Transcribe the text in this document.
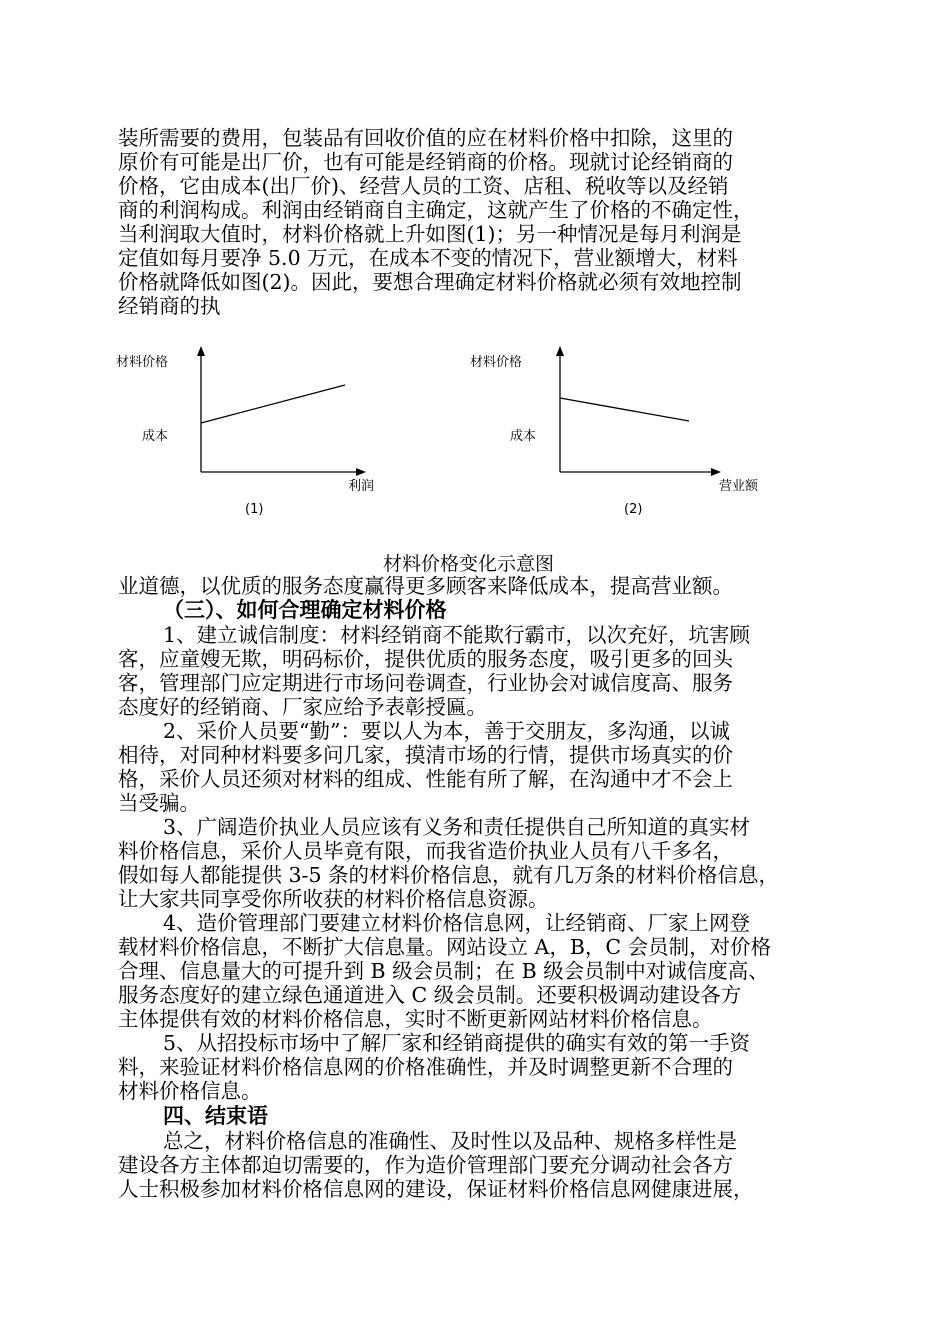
装所需要的费用，包装品有回收价值的应在材料价格中扣除，这里的
原价有可能是出厂价，也有可能是经销商的价格。现就讨论经销商的
价格，它由成本(出厂价)、经营人员的工资、店租、税收等以及经销
商的利润构成。利润由经销商自主确定，这就产生了价格的不确定性，
当利润取大值时，材料价格就上升如图(1)；另一种情况是每月利润是
定值如每月要净 5.0 万元，在成本不变的情况下，营业额增大，材料
价格就降低如图(2)。因此，要想合理确定材料价格就必须有效地控制
经销商的执
材料价格
成本
利润
(1)
材料价格
成本
营业额
(2)
材料价格变化示意图
业道德，以优质的服务态度赢得更多顾客来降低成本，提高营业额。
（三）、如何合理确定材料价格
1、建立诚信制度：材料经销商不能欺行霸市，以次充好，坑害顾
客，应童嫂无欺，明码标价，提供优质的服务态度，吸引更多的回头
客，管理部门应定期进行市场问卷调查，行业协会对诚信度高、服务
态度好的经销商、厂家应给予表彰授匾。
2、采价人员要“勤”：要以人为本，善于交朋友，多沟通，以诚
相待，对同种材料要多问几家，摸清市场的行情，提供市场真实的价
格，采价人员还须对材料的组成、性能有所了解，在沟通中才不会上
当受骗。
3、广阔造价执业人员应该有义务和责任提供自己所知道的真实材
料价格信息，采价人员毕竟有限，而我省造价执业人员有八千多名，
假如每人都能提供 3-5 条的材料价格信息，就有几万条的材料价格信息，
让大家共同享受你所收获的材料价格信息资源。
4、造价管理部门要建立材料价格信息网，让经销商、厂家上网登
载材料价格信息，不断扩大信息量。网站设立 A，B，C 会员制，对价格
合理、信息量大的可提升到 B 级会员制；在 B 级会员制中对诚信度高、
服务态度好的建立绿色通道进入 C 级会员制。还要积极调动建设各方
主体提供有效的材料价格信息，实时不断更新网站材料价格信息。
5、从招投标市场中了解厂家和经销商提供的确实有效的第一手资
料，来验证材料价格信息网的价格准确性，并及时调整更新不合理的
材料价格信息。
四、结束语
总之，材料价格信息的准确性、及时性以及品种、规格多样性是
建设各方主体都迫切需要的，作为造价管理部门要充分调动社会各方
人士积极参加材料价格信息网的建设，保证材料价格信息网健康进展，
